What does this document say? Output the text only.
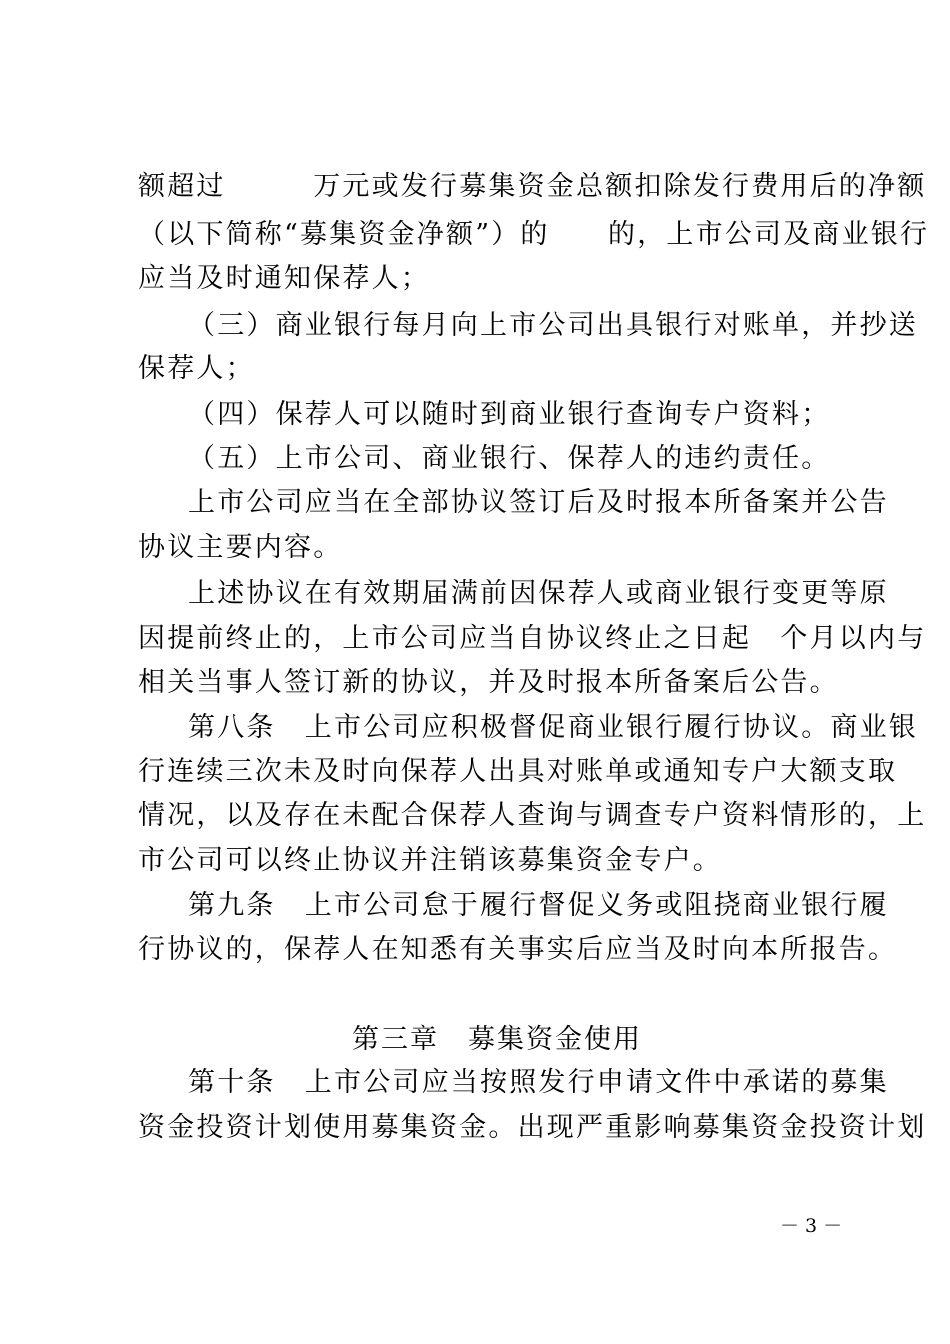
额超过　　　万元或发行募集资金总额扣除发行费用后的净额
（以下简称“募集资金净额”）的　　的，上市公司及商业银行
应当及时通知保荐人；
（三）商业银行每月向上市公司出具银行对账单，并抄送
保荐人；
（四）保荐人可以随时到商业银行查询专户资料；
（五）上市公司、商业银行、保荐人的违约责任。
上市公司应当在全部协议签订后及时报本所备案并公告
协议主要内容。
上述协议在有效期届满前因保荐人或商业银行变更等原
因提前终止的，上市公司应当自协议终止之日起　个月以内与
相关当事人签订新的协议，并及时报本所备案后公告。
第八条　上市公司应积极督促商业银行履行协议。商业银
行连续三次未及时向保荐人出具对账单或通知专户大额支取
情况，以及存在未配合保荐人查询与调查专户资料情形的，上
市公司可以终止协议并注销该募集资金专户。
第九条　上市公司怠于履行督促义务或阻挠商业银行履
行协议的，保荐人在知悉有关事实后应当及时向本所报告。
第三章　募集资金使用
第十条　上市公司应当按照发行申请文件中承诺的募集
资金投资计划使用募集资金。出现严重影响募集资金投资计划
－ 3 －
